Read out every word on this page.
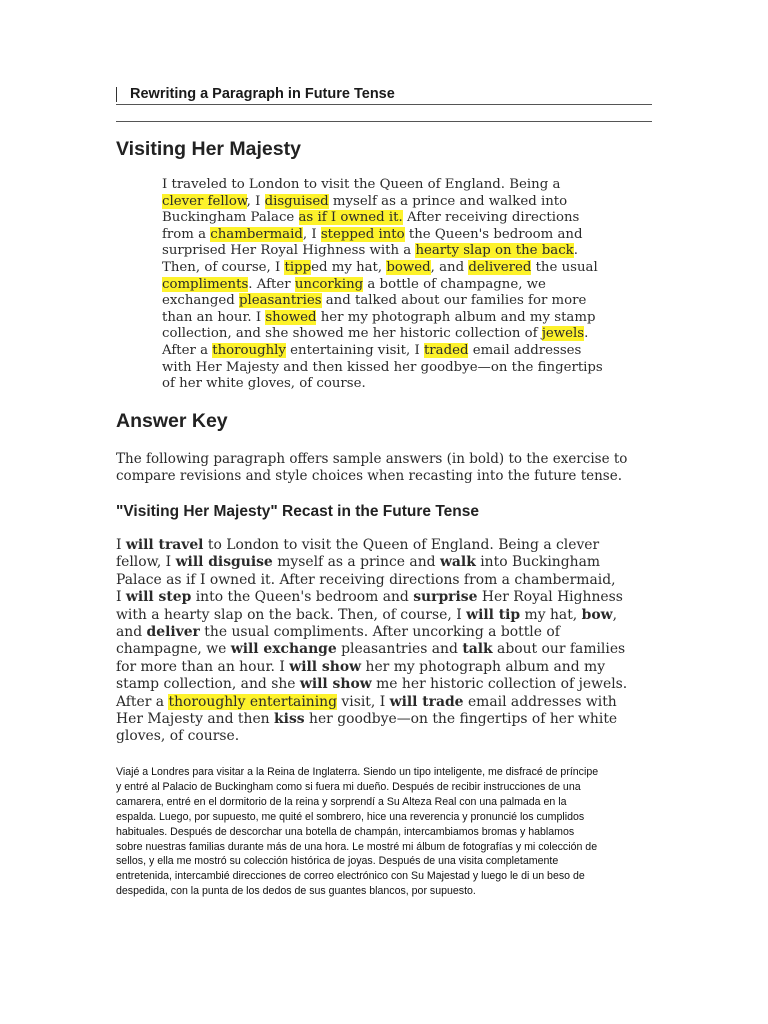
Rewriting a Paragraph in Future Tense
Visiting Her Majesty
I traveled to London to visit the Queen of England. Being a
clever fellow, I disguised myself as a prince and walked into
Buckingham Palace as if I owned it. After receiving directions
from a chambermaid, I stepped into the Queen's bedroom and
surprised Her Royal Highness with a hearty slap on the back.
Then, of course, I tipped my hat, bowed, and delivered the usual
compliments. After uncorking a bottle of champagne, we
exchanged pleasantries and talked about our families for more
than an hour. I showed her my photograph album and my stamp
collection, and she showed me her historic collection of jewels.
After a thoroughly entertaining visit, I traded email addresses
with Her Majesty and then kissed her goodbye—on the fingertips
of her white gloves, of course.
Answer Key
The following paragraph offers sample answers (in bold) to the exercise to
compare revisions and style choices when recasting into the future tense.
"Visiting Her Majesty" Recast in the Future Tense
I will travel to London to visit the Queen of England. Being a clever
fellow, I will disguise myself as a prince and walk into Buckingham
Palace as if I owned it. After receiving directions from a chambermaid,
I will step into the Queen's bedroom and surprise Her Royal Highness
with a hearty slap on the back. Then, of course, I will tip my hat, bow,
and deliver the usual compliments. After uncorking a bottle of
champagne, we will exchange pleasantries and talk about our families
for more than an hour. I will show her my photograph album and my
stamp collection, and she will show me her historic collection of jewels.
After a thoroughly entertaining visit, I will trade email addresses with
Her Majesty and then kiss her goodbye—on the fingertips of her white
gloves, of course.
Viajé a Londres para visitar a la Reina de Inglaterra. Siendo un tipo inteligente, me disfracé de príncipe
y entré al Palacio de Buckingham como si fuera mi dueño. Después de recibir instrucciones de una
camarera, entré en el dormitorio de la reina y sorprendí a Su Alteza Real con una palmada en la
espalda. Luego, por supuesto, me quité el sombrero, hice una reverencia y pronuncié los cumplidos
habituales. Después de descorchar una botella de champán, intercambiamos bromas y hablamos
sobre nuestras familias durante más de una hora. Le mostré mi álbum de fotografías y mi colección de
sellos, y ella me mostró su colección histórica de joyas. Después de una visita completamente
entretenida, intercambié direcciones de correo electrónico con Su Majestad y luego le di un beso de
despedida, con la punta de los dedos de sus guantes blancos, por supuesto.
